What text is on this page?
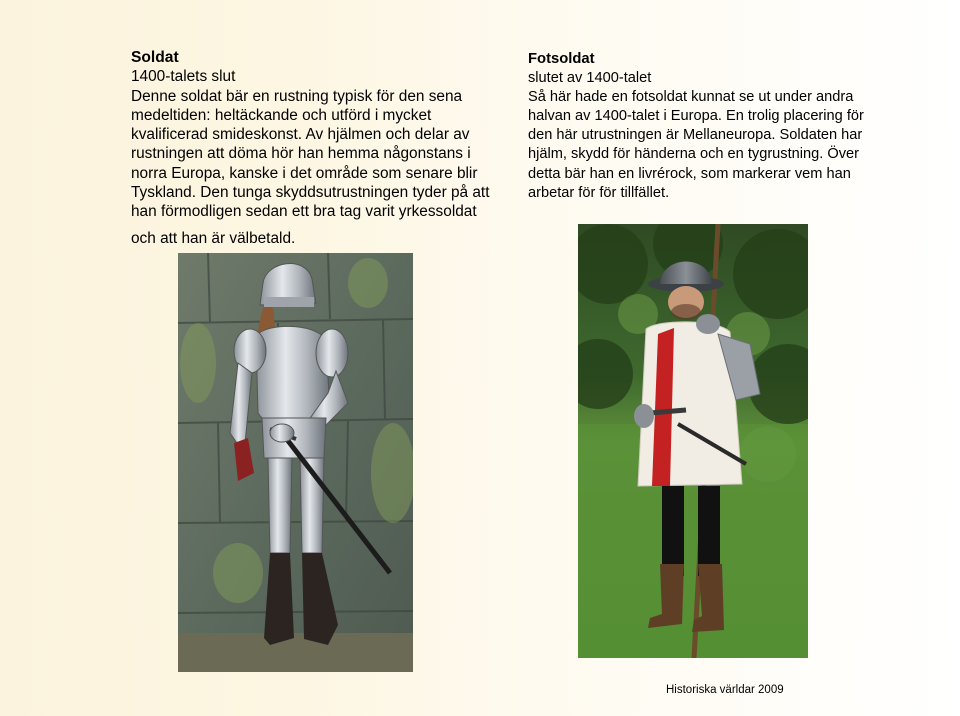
Soldat

1400-talets slut

Denne soldat bär en rustning typisk för den sena

medeltiden: heltäckande och utförd i mycket

kvalificerad smideskonst. Av hjälmen och delar av

rustningen att döma hör han hemma någonstans i

norra Europa, kanske i det område som senare blir

Tyskland. Den tunga skyddsutrustningen tyder på att

han förmodligen sedan ett bra tag varit yrkessoldat

och att han är välbetald.

Fotsoldat

slutet av 1400-talet

Så här hade en fotsoldat kunnat se ut under andra

halvan av 1400-talet i Europa. En trolig placering för

den här utrustningen är Mellaneuropa. Soldaten har

hjälm, skydd för händerna och en tygrustning. Över

detta bär han en livrérock, som markerar vem han

arbetar för för tillfället.

Historiska världar 2009
